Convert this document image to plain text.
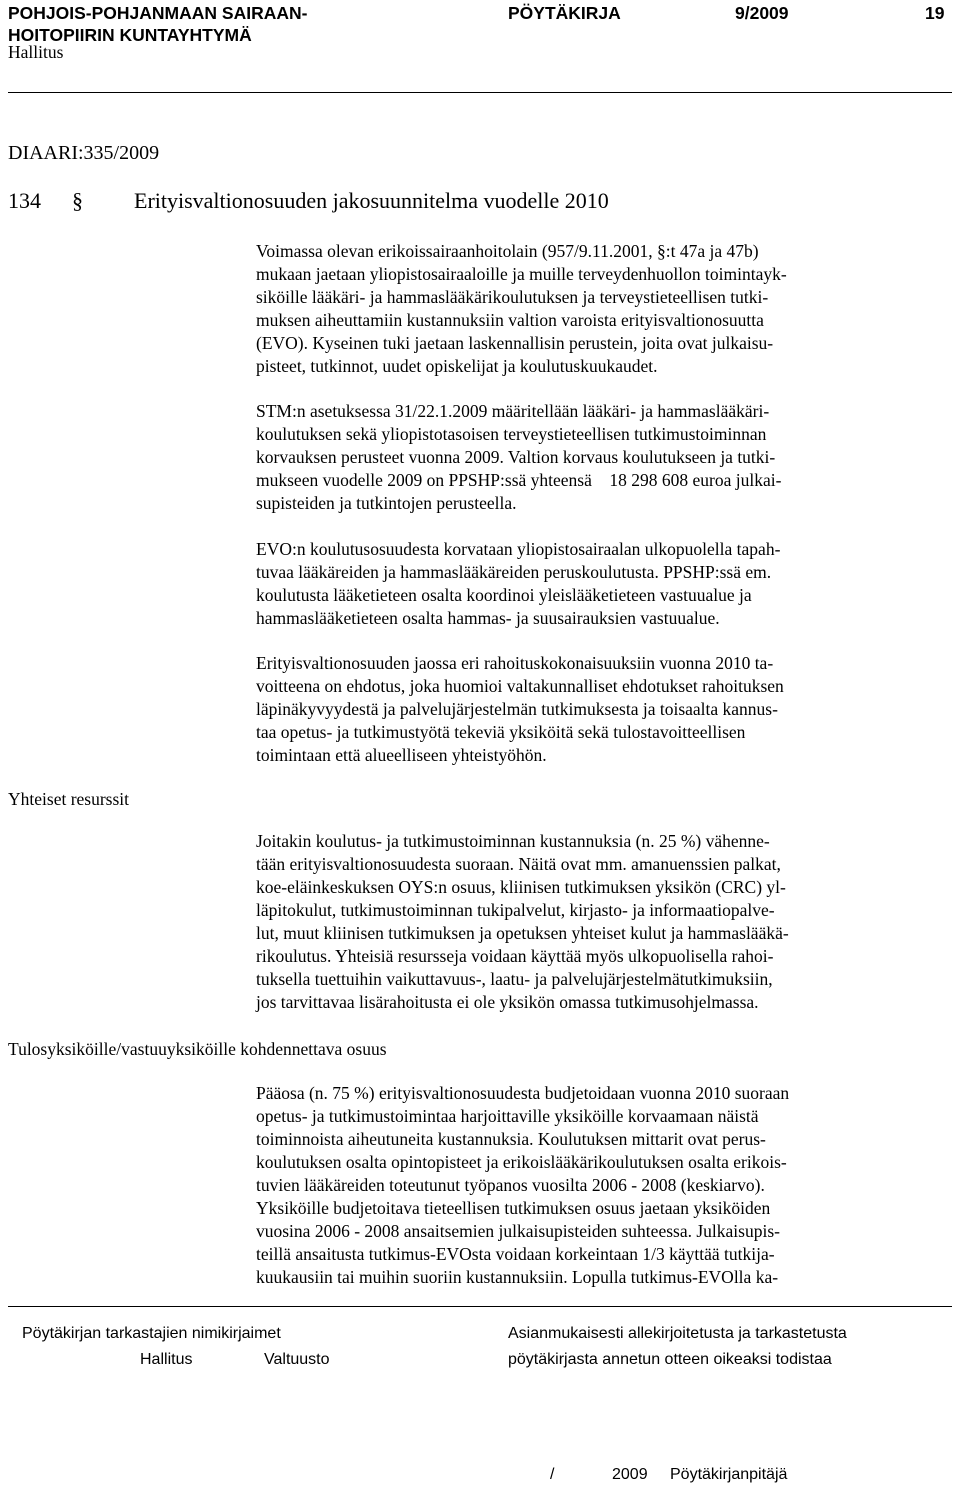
POHJOIS-POHJANMAAN SAIRAAN-
HOITOPIIRIN KUNTAYHTYMÄ
PÖYTÄKIRJA	9/2009	19
Hallitus
DIAARI:335/2009
134 § Erityisvaltionosuuden jakosuunnitelma vuodelle 2010
Voimassa olevan erikoissairaanhoitolain (957/9.11.2001, §:t 47a ja 47b)
mukaan jaetaan yliopistosairaaloille ja muille terveydenhuollon toimintayk-
siköille lääkäri- ja hammaslääkärikoulutuksen ja terveystieteellisen tutki-
muksen aiheuttamiin kustannuksiin valtion varoista erityisvaltionosuutta
(EVO). Kyseinen tuki jaetaan laskennallisin perustein, joita ovat julkaisu-
pisteet, tutkinnot, uudet opiskelijat ja koulutuskuukaudet.
STM:n asetuksessa 31/22.1.2009 määritellään lääkäri- ja hammaslääkäri-
koulutuksen sekä yliopistotasoisen terveystieteellisen tutkimustoiminnan
korvauksen perusteet vuonna 2009. Valtion korvaus koulutukseen ja tutki-
mukseen vuodelle 2009 on PPSHP:ssä yhteensä    18 298 608 euroa julkai-
supisteiden ja tutkintojen perusteella.
EVO:n koulutusosuudesta korvataan yliopistosairaalan ulkopuolella tapah-
tuvaa lääkäreiden ja hammaslääkäreiden peruskoulutusta. PPSHP:ssä em.
koulutusta lääketieteen osalta koordinoi yleislääketieteen vastuualue ja
hammaslääketieteen osalta hammas- ja suusairauksien vastuualue.
Erityisvaltionosuuden jaossa eri rahoituskokonaisuuksiin vuonna 2010 ta-
voitteena on ehdotus, joka huomioi valtakunnalliset ehdotukset rahoituksen
läpinäkyvyydestä ja palvelujärjestelmän tutkimuksesta ja toisaalta kannus-
taa opetus- ja tutkimustyötä tekeviä yksiköitä sekä tulostavoitteellisen
toimintaan että alueelliseen yhteistyöhön.
Yhteiset resurssit
Joitakin koulutus- ja tutkimustoiminnan kustannuksia (n. 25 %) vähenne-
tään erityisvaltionosuudesta suoraan. Näitä ovat mm. amanuenssien palkat,
koe-eläinkeskuksen OYS:n osuus, kliinisen tutkimuksen yksikön (CRC) yl-
läpitokulut, tutkimustoiminnan tukipalvelut, kirjasto- ja informaatiopalve-
lut, muut kliinisen tutkimuksen ja opetuksen yhteiset kulut ja hammaslääkä-
rikoulutus. Yhteisiä resursseja voidaan käyttää myös ulkopuolisella rahoi-
tuksella tuettuihin vaikuttavuus-, laatu- ja palvelujärjestelmätutkimuksiin,
jos tarvittavaa lisärahoitusta ei ole yksikön omassa tutkimusohjelmassa.
Tulosyksiköille/vastuuyksiköille kohdennettava osuus
Pääosa (n. 75 %) erityisvaltionosuudesta budjetoidaan vuonna 2010 suoraan
opetus- ja tutkimustoimintaa harjoittaville yksiköille korvaamaan näistä
toiminnoista aiheutuneita kustannuksia. Koulutuksen mittarit ovat perus-
koulutuksen osalta opintopisteet ja erikoislääkärikoulutuksen osalta erikois-
tuvien lääkäreiden toteutunut työpanos vuosilta 2006 - 2008 (keskiarvo).
Yksiköille budjetoitava tieteellisen tutkimuksen osuus jaetaan yksiköiden
vuosina 2006 - 2008 ansaitsemien julkaisupisteiden suhteessa. Julkaisupis-
teillä ansaitusta tutkimus-EVOsta voidaan korkeintaan 1/3 käyttää tutkija-
kuukausiin tai muihin suoriin kustannuksiin. Lopulla tutkimus-EVOlla ka-
Pöytäkirjan tarkastajien nimikirjaimet
Hallitus	Valtuusto
Asianmukaisesti allekirjoitetusta ja tarkastetusta
pöytäkirjasta annetun otteen oikeaksi todistaa
/	2009 Pöytäkirjanpitäjä
